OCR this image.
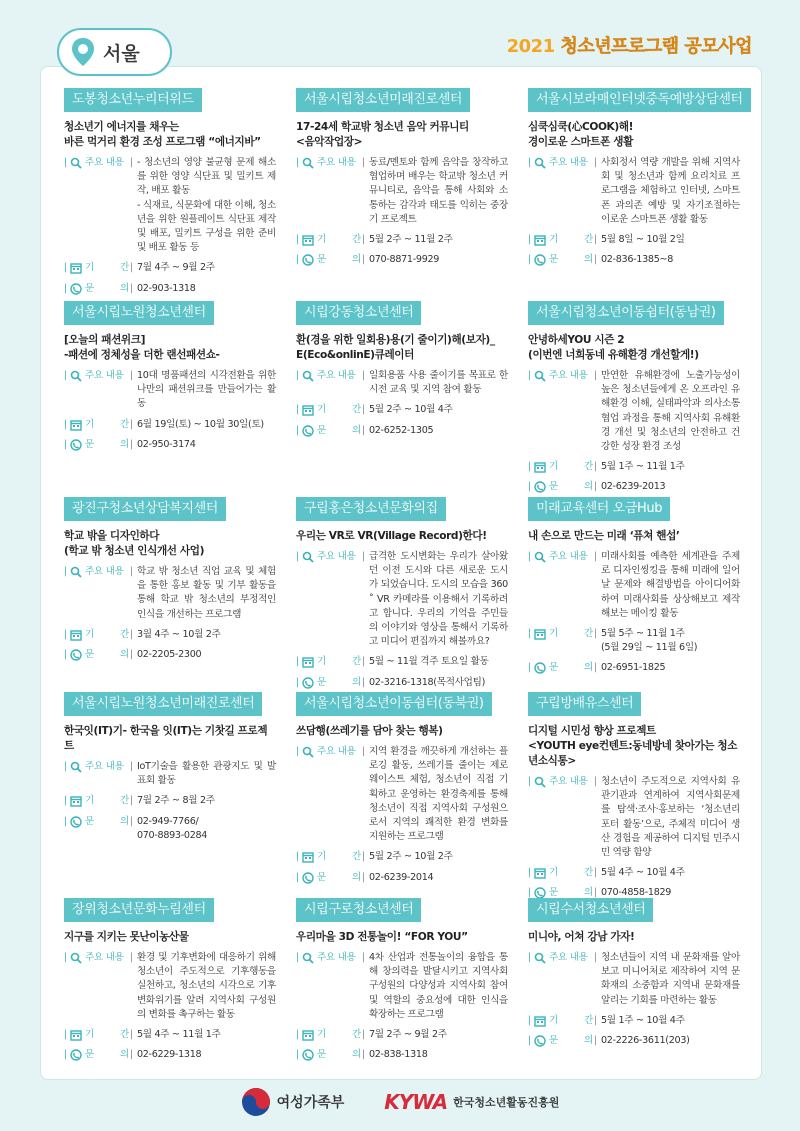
서울	2021 청소년프로그램 공모사업
도봉청소년누리터위드
청소년기 에너지를 채우는
바른 먹거리 환경 조성 프로그램 “에너지바”
| 주요 내용 | - 청소년의 영양 불균형 문제 해소를 위한 영양 식단표 및 밀키트 제작, 배포 활동
- 식재료, 식문화에 대한 이해, 청소년을 위한 원플레이트 식단표 제작 및 배포, 밀키트 구성을 위한 준비 및 배포 활동 등
| 기	간 | 7월 4주 ~ 9월 2주
| 문	의 | 02-903-1318
서울시립청소년미래진로센터
17-24세 학교밖 청소년 음악 커뮤니티
<음악작업장>
| 주요 내용 | 동료/멘토와 함께 음악을 창작하고 협업하며 배우는 학교밖 청소년 커뮤니티로, 음악을 통해 사회와 소통하는 감각과 태도를 익히는 중장기 프로젝트
| 기	간 | 5월 2주 ~ 11월 2주
| 문	의 | 070-8871-9929
서울시보라매인터넷중독예방상담센터
심쿡심쿡(心COOK)해!
경이로운 스마트폰 생활
| 주요 내용 | 사회정서 역량 개발을 위해 지역사회 및 청소년과 함께 요리치료 프로그램을 체험하고 인터넷, 스마트폰 과의존 예방 및 자기조절하는 이로운 스마트폰 생활 활동
| 기	간 | 5월 8일 ~ 10월 2일
| 문	의 | 02-836-1385~8
서울시립노원청소년센터
[오늘의 패션위크]
-패션에 정체성을 더한 랜선패션쇼-
| 주요 내용 | 10대 명품패션의 시각전환을 위한 나만의 패션위크를 만들어가는 활동
| 기	간 | 6월 19일(토) ~ 10월 30일(토)
| 문	의 | 02-950-3174
시립강동청소년센터
환(경을 위한 일회용)용(기 줄이기)해(보자)_
E(Eco&onlinE)큐레이터
| 주요 내용 | 일회용품 사용 줄이기를 목표로 한 시전 교육 및 지역 참여 활동
| 기	간 | 5월 2주 ~ 10월 4주
| 문	의 | 02-6252-1305
서울시립청소년이동쉼터(동남권)
안녕하세YOU 시즌 2
(이번엔 너희동네 유해환경 개선할게!)
| 주요 내용 | 만연한 유해환경에 노출가능성이 높은 청소년들에게 온 오프라인 유해환경 이해, 실태파악과 의사소통 협업 과정을 통해 지역사회 유해환경 개선 및 청소년의 안전하고 건강한 성장 환경 조성
| 기	간 | 5월 1주 ~ 11월 1주
| 문	의 | 02-6239-2013
광진구청소년상담복지센터
학교 밖을 디자인하다
(학교 밖 청소년 인식개선 사업)
| 주요 내용 | 학교 밖 청소년 직업 교육 및 체험을 통한 홍보 활동 및 기부 활동을 통해 학교 밖 청소년의 부정적인 인식을 개선하는 프로그램
| 기	간 | 3월 4주 ~ 10월 2주
| 문	의 | 02-2205-2300
구립홍은청소년문화의집
우리는 VR로 VR(Village Record)한다!
| 주요 내용 | 급격한 도시변화는 우리가 살아왔던 이전 도시와 다른 새로운 도시가 되었습니다. 도시의 모습을 360 ˚ VR 카메라를 이용해서 기록하려고 합니다. 우리의 기억을 주민들의 이야기와 영상을 통해서 기록하고 미디어 편집까지 해볼까요?
| 기	간 | 5월 ~ 11월 격주 토요일 활동
| 문	의 | 02-3216-1318(목적사업팀)
미래교육센터 오금Hub
내 손으로 만드는 미래 ‘퓨쳐 핸섭’
| 주요 내용 | 미래사회를 예측한 세계관을 주제로 디자인씽킹을 통해 미래에 일어날 문제와 해결방법을 아이디어화하여 미래사회를 상상해보고 제작해보는 메이킹 활동
| 기	간 | 5월 5주 ~ 11월 1주
(5월 29일 ~ 11월 6일)
| 문	의 | 02-6951-1825
서울시립노원청소년미래진로센터
한국잇(IT)기- 한국을 잇(IT)는 기찻길 프로젝트
| 주요 내용 | IoT기술을 활용한 관광지도 및 발표회 활동
| 기	간 | 7월 2주 ~ 8월 2주
| 문	의 | 02-949-7766/
070-8893-0284
서울시립청소년이동쉼터(동북권)
쓰담행(쓰레기를 담아 찾는 행복)
| 주요 내용 | 지역 환경을 깨끗하게 개선하는 플로깅 활동, 쓰레기를 줄이는 제로웨이스트 체험, 청소년이 직접 기획하고 운영하는 환경축제를 통해 청소년이 직접 지역사회 구성원으로서 지역의 쾌적한 환경 변화를 지원하는 프로그램
| 기	간 | 5월 2주 ~ 10월 2주
| 문	의 | 02-6239-2014
구립방배유스센터
디지털 시민성 향상 프로젝트
<YOUTH eye컨텐트:동네방네 찾아가는 청소년소식통>
| 주요 내용 | 청소년이 주도적으로 지역사회 유관기관과 연계하여 지역사회문제를 탐색·조사·홍보하는 ‘청소년리포터 활동’으로, 주체적 미디어 생산 경험을 제공하여 디지털 민주시민 역량 함양
| 기	간 | 5월 4주 ~ 10월 4주
| 문	의 | 070-4858-1829
장위청소년문화누림센터
지구를 지키는 못난이농산물
| 주요 내용 | 환경 및 기후변화에 대응하기 위해 청소년이 주도적으로 기후행동을 실천하고, 청소년의 시각으로 기후변화위기를 알려 지역사회 구성원의 변화를 촉구하는 활동
| 기	간 | 5월 4주 ~ 11월 1주
| 문	의 | 02-6229-1318
시립구로청소년센터
우리마을 3D 전통놀이! “FOR YOU”
| 주요 내용 | 4차 산업과 전통놀이의 융합을 통해 창의력을 발달시키고 지역사회 구성원의 다양성과 지역사회 참여 및 역할의 중요성에 대한 인식을 확장하는 프로그램
| 기	간 | 7월 2주 ~ 9월 2주
| 문	의 | 02-838-1318
시립수서청소년센터
미니야, 어쳐 강남 가자!
| 주요 내용 | 청소년들이 지역 내 문화재를 알아보고 미니어처로 제작하여 지역 문화재의 소중함과 지역내 문화재를 알리는 기회를 마련하는 활동
| 기	간 | 5월 1주 ~ 10월 4주
| 문	의 | 02-2226-3611(203)
여성가족부 KYWA 한국청소년활동진흥원
